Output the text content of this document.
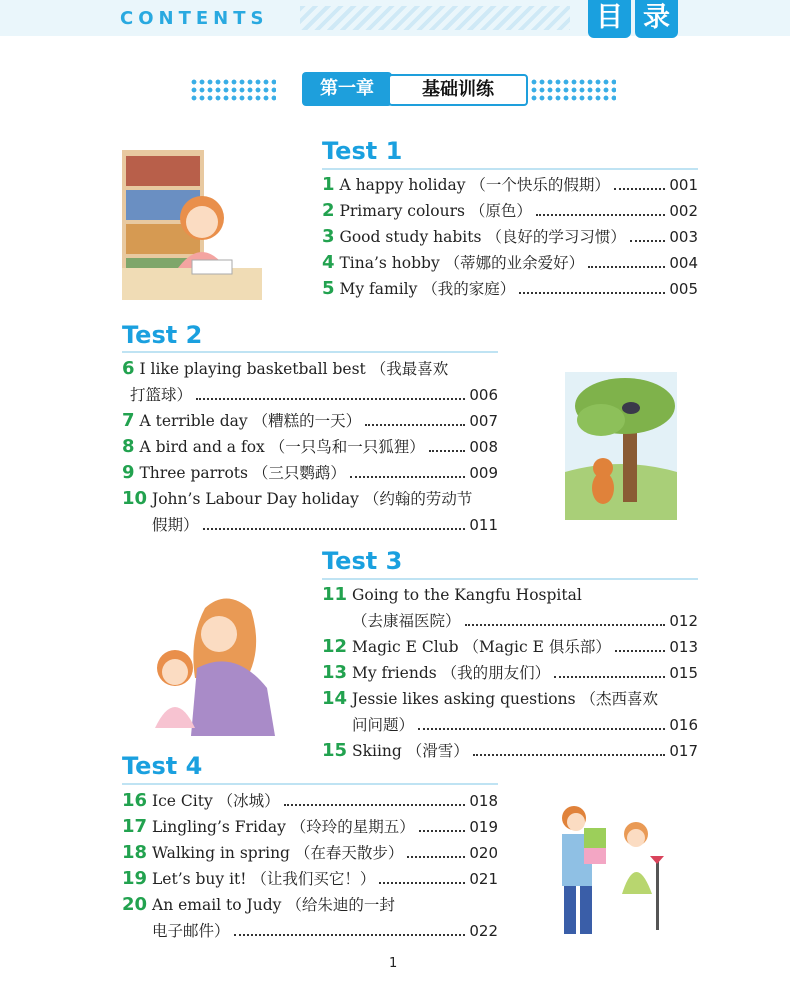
CONTENTS	目 录
第一章	基础训练
Test 1
1
A happy holiday （一个快乐的假期）	001
2
Primary colours （原色）	002
3
Good study habits （良好的学习习惯）	003
4
Tina’s hobby （蒂娜的业余爱好）	004
5
My family （我的家庭）	005
Test 2
6
I like playing basketball best （我最喜欢
打篮球）	006
7
A terrible day （糟糕的一天）	007
8
A bird and a fox （一只鸟和一只狐狸）	008
9
Three parrots （三只鹦鹉）	009
10
John’s Labour Day holiday （约翰的劳动节
假期）	011
Test 3
11
Going to the Kangfu Hospital
（去康福医院）	012
12
Magic E Club （Magic E 俱乐部）	013
13
My friends （我的朋友们）	015
14
Jessie likes asking questions （杰西喜欢
问问题）	016
15
Skiing （滑雪）	017
Test 4
16
Ice City （冰城）	018
17
Lingling’s Friday （玲玲的星期五）	019
18
Walking in spring （在春天散步）	020
19
Let’s buy it! （让我们买它！）	021
20
An email to Judy （给朱迪的一封
电子邮件）	022
1
